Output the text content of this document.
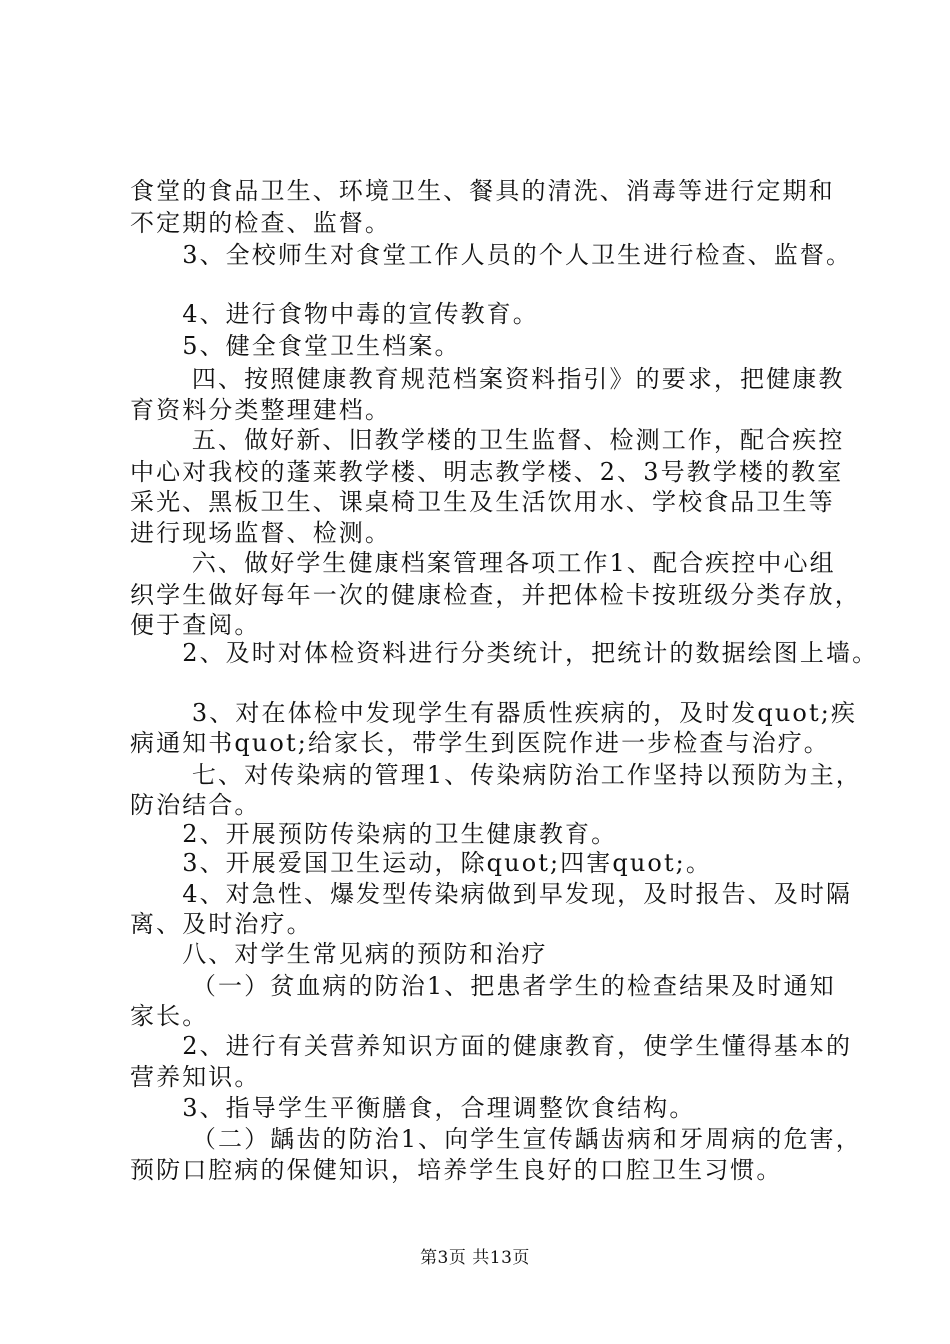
食堂的食品卫生、环境卫生、餐具的清洗、消毒等进行定期和
不定期的检查、监督。
　　3、全校师生对食堂工作人员的个人卫生进行检查、监督。
　　4、进行食物中毒的宣传教育。
　　5、健全食堂卫生档案。
　　 四、按照健康教育规范档案资料指引》的要求，把健康教
育资料分类整理建档。
　　 五、做好新、旧教学楼的卫生监督、检测工作，配合疾控
中心对我校的蓬莱教学楼、明志教学楼、2、3号教学楼的教室
采光、黑板卫生、课桌椅卫生及生活饮用水、学校食品卫生等
进行现场监督、检测。
　　 六、做好学生健康档案管理各项工作1、配合疾控中心组
织学生做好每年一次的健康检查，并把体检卡按班级分类存放，
便于查阅。
　　2、及时对体检资料进行分类统计，把统计的数据绘图上墙。
　　 3、对在体检中发现学生有器质性疾病的，及时发quot;疾
病通知书quot;给家长，带学生到医院作进一步检查与治疗。
　　 七、对传染病的管理1、传染病防治工作坚持以预防为主，
防治结合。
　　2、开展预防传染病的卫生健康教育。
　　3、开展爱国卫生运动，除quot;四害quot;。
　　4、对急性、爆发型传染病做到早发现，及时报告、及时隔
离、及时治疗。
　　八、对学生常见病的预防和治疗
　　 （一）贫血病的防治1、把患者学生的检查结果及时通知
家长。
　　2、进行有关营养知识方面的健康教育，使学生懂得基本的
营养知识。
　　3、指导学生平衡膳食，合理调整饮食结构。
　　 （二）龋齿的防治1、向学生宣传龋齿病和牙周病的危害，
预防口腔病的保健知识，培养学生良好的口腔卫生习惯。
第3页 共13页
